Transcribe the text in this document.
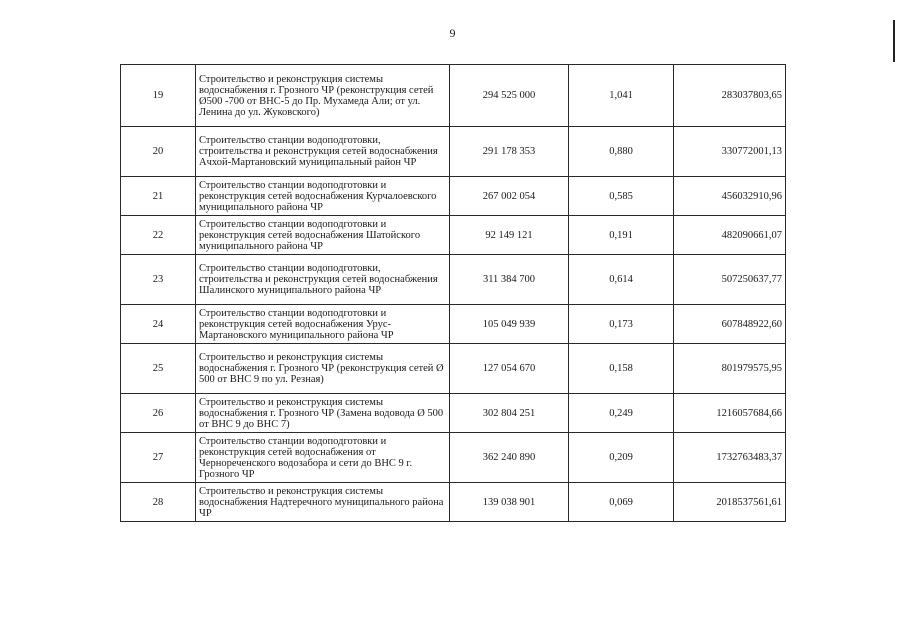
9
19	Строительство и реконструкция системы водоснабжения г. Грозного ЧР (реконструкция сетей Ø500 -700 от ВНС-5 до Пр. Мухамеда Али; от ул. Ленина до ул. Жуковского)	294 525 000	1,041	283037803,65
20	Строительство станции водоподготовки, строительства и реконструкция сетей водоснабжения Ачхой-Мартановский муниципальный район ЧР	291 178 353	0,880	330772001,13
21	Строительство станции водоподготовки и реконструкция сетей водоснабжения Курчалоевского муниципального района ЧР	267 002 054	0,585	456032910,96
22	Строительство станции водоподготовки и реконструкция сетей водоснабжения Шатойского муниципального района ЧР	92 149 121	0,191	482090661,07
23	Строительство станции водоподготовки, строительства и реконструкция сетей водоснабжения Шалинского муниципального района ЧР	311 384 700	0,614	507250637,77
24	Строительство станции водоподготовки и реконструкция сетей водоснабжения Урус-Мартановского муниципального района ЧР	105 049 939	0,173	607848922,60
25	Строительство и реконструкция системы водоснабжения г. Грозного ЧР (реконструкция сетей Ø 500 от ВНС 9 по ул. Резная)	127 054 670	0,158	801979575,95
26	Строительство и реконструкция системы водоснабжения г. Грозного ЧР (Замена водовода Ø 500 от ВНС 9 до ВНС 7)	302 804 251	0,249	1216057684,66
27	Строительство станции водоподготовки и реконструкция сетей водоснабжения от Чернореченского водозабора и сети до ВНС 9 г. Грозного ЧР	362 240 890	0,209	1732763483,37
28	Строительство и реконструкция системы водоснабжения Надтеречного муниципального района ЧР	139 038 901	0,069	2018537561,61
